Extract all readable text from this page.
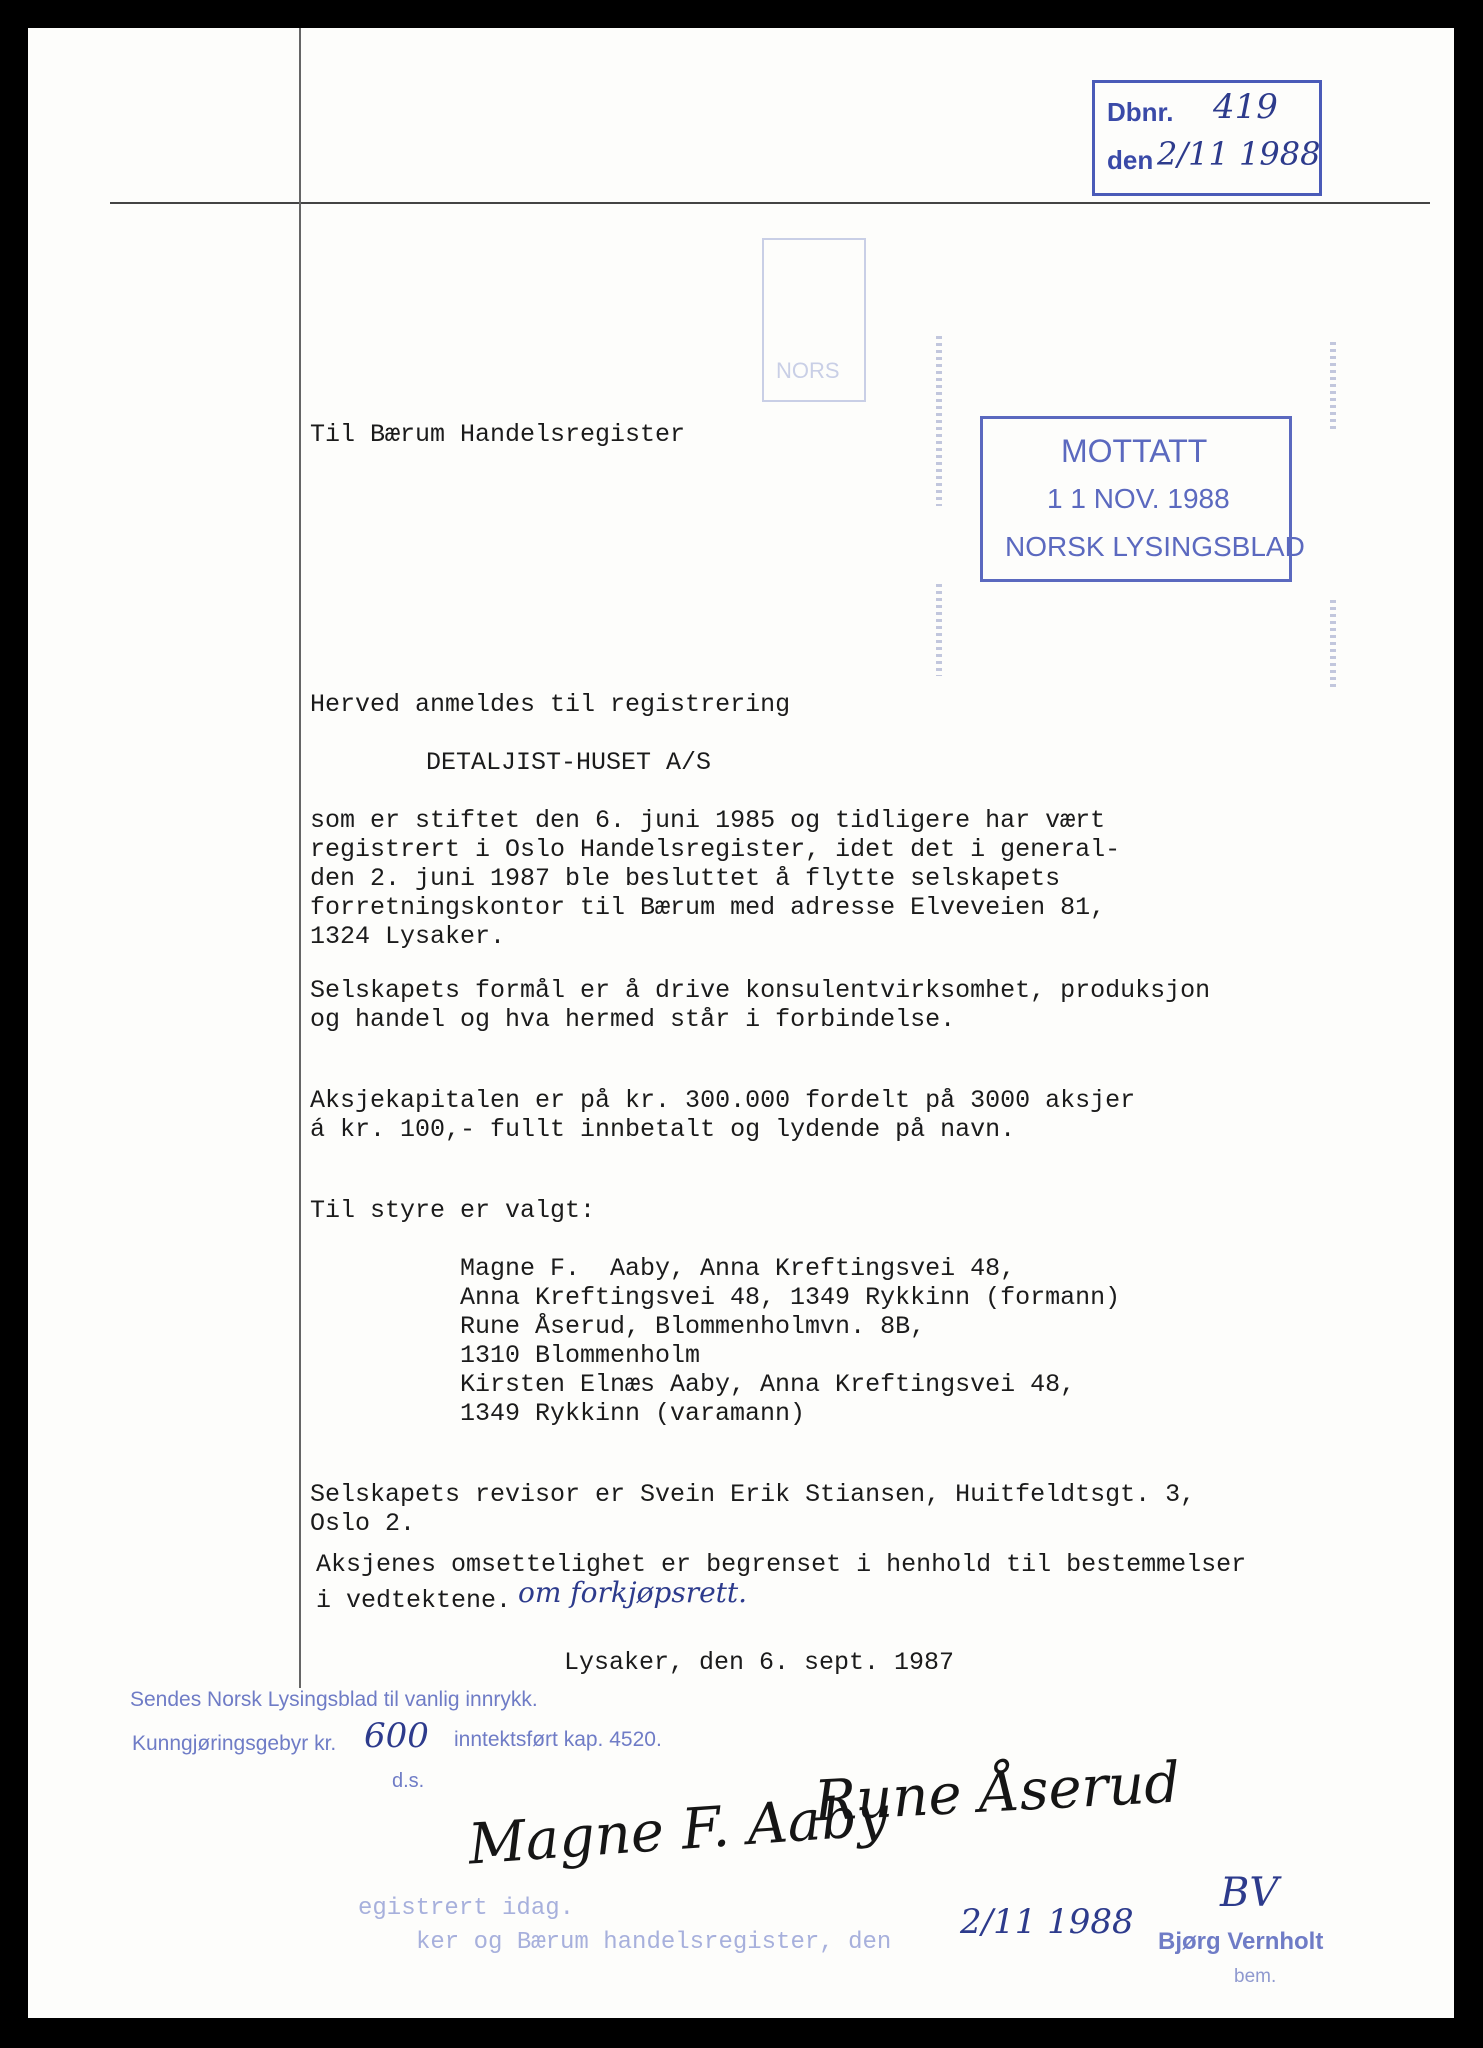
Dbnr. 419
den 2/11 1988
NORS
MOTTATT
1 1 NOV. 1988
NORSK LYSINGSBLAD
Til Bærum Handelsregister
Herved anmeldes til registrering
DETALJIST-HUSET A/S
som er stiftet den 6. juni 1985 og tidligere har vært
registrert i Oslo Handelsregister, idet det i general-
den 2. juni 1987 ble besluttet å flytte selskapets
forretningskontor til Bærum med adresse Elveveien 81,
1324 Lysaker.
Selskapets formål er å drive konsulentvirksomhet, produksjon
og handel og hva hermed står i forbindelse.
Aksjekapitalen er på kr. 300.000 fordelt på 3000 aksjer
á kr. 100,- fullt innbetalt og lydende på navn.
Til styre er valgt:
Magne F.  Aaby, Anna Kreftingsvei 48,
Anna Kreftingsvei 48, 1349 Rykkinn (formann)
Rune Åserud, Blommenholmvn. 8B,
1310 Blommenholm
Kirsten Elnæs Aaby, Anna Kreftingsvei 48,
1349 Rykkinn (varamann)
Selskapets revisor er Svein Erik Stiansen, Huitfeldtsgt. 3,
Oslo 2.
Aksjenes omsettelighet er begrenset i henhold til bestemmelser
i vedtektene. om forkjøpsrett.
Lysaker, den 6. sept. 1987
Sendes Norsk Lysingsblad til vanlig innrykk.
Kunngjøringsgebyr kr. 600 inntektsført kap. 4520.
d.s.
Magne F. Aaby
Rune Åserud
egistrert idag.
ker og Bærum handelsregister, den
2/11 1988
BV
Bjørg Vernholt
bem.
